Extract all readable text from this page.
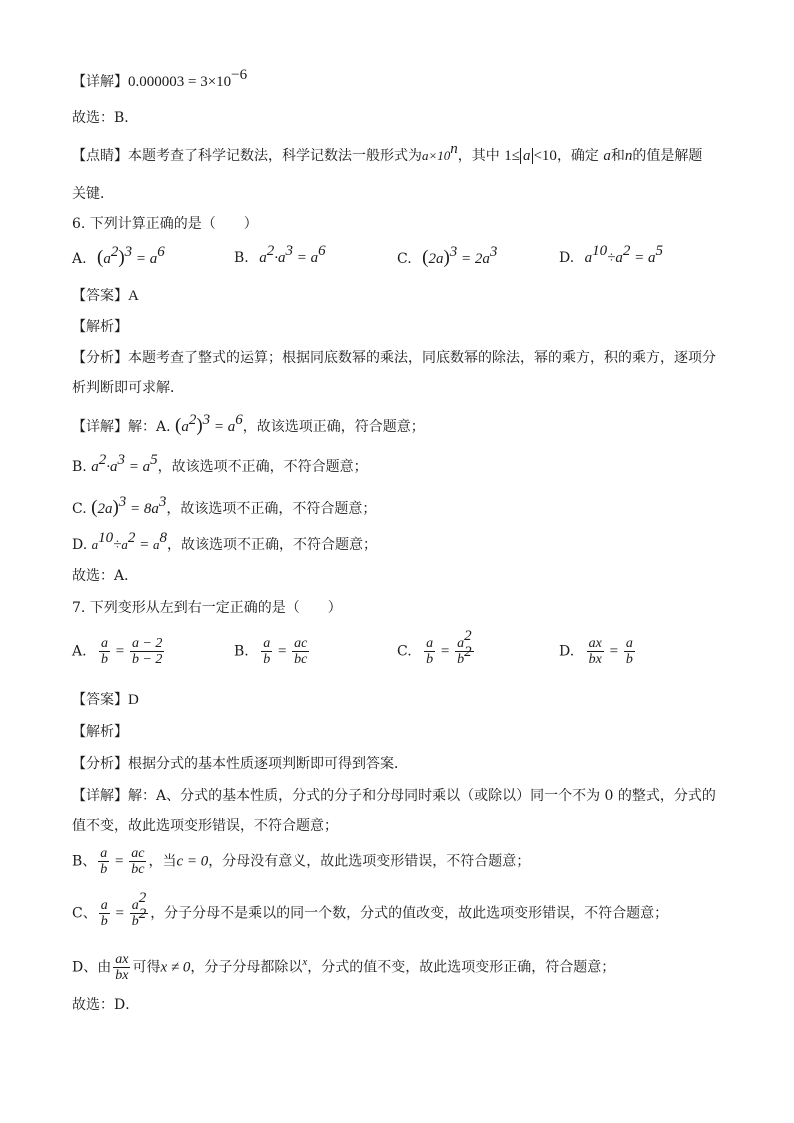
【详解】$0.000003 = 3\times 10^{-6}$
故选：B．
【点睛】本题考查了科学记数法，科学记数法一般形式为$a\times 10^n$，其中 1≤ a <10，确定 a和n的值是解题
关键．
6. 下列计算正确的是（　　）
A. $(a^2)^3 = a^6$	B. $a^2\cdot a^3 = a^6$	C. $(2a)^3 = 2a^3$	D. $a^{10}\div a^2 = a^5$
【答案】A
【解析】
【分析】本题考查了整式的运算；根据同底数幂的乘法，同底数幂的除法，幂的乘方，积的乘方，逐项分
析判断即可求解．
【详解】解：A. $(a^2)^3 = a^6$，故该选项正确，符合题意；
B. $a^2\cdot a^3 = a^5$，故该选项不正确，不符合题意；
C. $(2a)^3 = 8a^3$，故该选项不正确，不符合题意；
D. $a^{10}\div a^2 = a^8$，故该选项不正确，不符合题意；
故选：A．
7. 下列变形从左到右一定正确的是（　　）
A. $\frac{a}{b} = \frac{a - 2}{b - 2}$	B. $\frac{a}{b} = \frac{ac}{bc}$	C. $\frac{a}{b} = \frac{a^2}{b^2}$	D. $\frac{ax}{bx} = \frac{a}{b}$
【答案】D
【解析】
【分析】根据分式的基本性质逐项判断即可得到答案．
【详解】解：A、分式的基本性质，分式的分子和分母同时乘以（或除以）同一个不为 0 的整式，分式的
值不变，故此选项变形错误，不符合题意；
B、 $\frac{a}{b} = \frac{ac}{bc}$ ，当c = 0，分母没有意义，故此选项变形错误，不符合题意；
C、 $\frac{a}{b} = \frac{a^2}{b^2}$ ，分子分母不是乘以的同一个数，分式的值改变，故此选项变形错误，不符合题意；
D、由 $\frac{ax}{bx}$ 可得x ≠ 0，分子分母都除以$^x$，分式的值不变，故此选项变形正确，符合题意；
故选：D．
